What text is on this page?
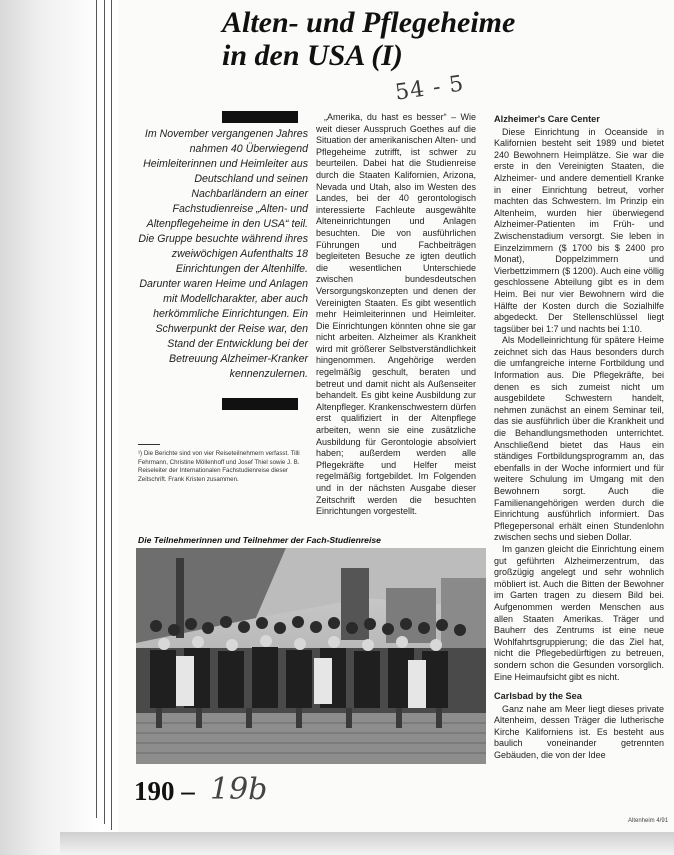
Alten- und Pflegeheime
in den USA (I)
54 - 5
Im November vergangenen Jahres nahmen 40 Überwiegend Heimleiterinnen und Heimleiter aus Deutschland und seinen Nachbarländern an einer Fachstudienreise „Alten- und Altenpflegeheime in den USA“ teil. Die Gruppe besuchte während ihres zweiwöchigen Aufenthalts 18 Einrichtungen der Altenhilfe. Darunter waren Heime und Anlagen mit Modellcharakter, aber auch herkömmliche Einrichtungen. Ein Schwerpunkt der Reise war, den Stand der Entwicklung bei der Betreuung Alzheimer-Kranker kennenzulernen.
¹) Die Berichte sind von vier Reiseteilnehmern verfasst. Tilli Fehrmann, Christine Möllenhoff und Josef Thiel sowie J. B. Reiseleiter der Internationalen Fachstudienreise dieser Zeitschrift. Frank Kristen zusammen.

„Amerika, du hast es besser“ – Wie weit dieser Ausspruch Goethes auf die Situation der amerikanischen Alten- und Pflegeheime zutrifft, ist schwer zu beurteilen. Dabei hat die Studienreise durch die Staaten Kalifornien, Arizona, Nevada und Utah, also im Westen des Landes, bei der 40 gerontologisch interessierte Fachleute ausgewählte Alteneinrichtungen und Anlagen besuchten. Die von ausführlichen Führungen und Fachbeiträgen begleiteten Besuche ze igten deutlich die wesentlichen Unterschiede zwischen bundesdeutschen Versorgungskonzepten und denen der Vereinigten Staaten. Es gibt wesentlich mehr Heimleiterinnen und Heimleiter. Die Einrichtungen könnten ohne sie gar nicht arbeiten. Alzheimer als Krankheit wird mit größerer Selbstverständlichkeit hingenommen. Angehörige werden regelmäßig geschult, beraten und betreut und damit nicht als Außenseiter behandelt. Es gibt keine Ausbildung zur Altenpfleger. Krankenschwestern dürfen erst qualifiziert in der Altenpflege arbeiten, wenn sie eine zusätzliche Ausbildung für Gerontologie absolviert haben; außerdem werden alle Pflegekräfte und Helfer meist regelmäßig fortgebildet. Im Folgenden und in der nächsten Ausgabe dieser Zeitschrift werden die besuchten Einrichtungen vorgestellt.

Alzheimer's Care Center

Diese Einrichtung in Oceanside in Kalifornien besteht seit 1989 und bietet 240 Bewohnern Heimplätze. Sie war die erste in den Vereinigten Staaten, die Alzheimer- und andere dementiell Kranke in einer Einrichtung betreut, vorher machten das Schwestern. Im Prinzip ein Altenheim, wurden hier überwiegend Alzheimer-Patienten im Früh- und Zwischenstadium versorgt. Sie leben in Einzelzimmern ($ 1700 bis $ 2400 pro Monat), Doppelzimmern und Vierbettzimmern ($ 1200). Auch eine völlig geschlossene Abteilung gibt es in dem Heim. Bei nur vier Bewohnern wird die Hälfte der Kosten durch die Sozialhilfe abgedeckt. Der Stellenschlüssel liegt tagsüber bei 1:7 und nachts bei 1:10.

Als Modelleinrichtung für spätere Heime zeichnet sich das Haus besonders durch die umfangreiche interne Fortbildung und Information aus. Die Pflegekräfte, bei denen es sich zumeist nicht um ausgebildete Schwestern handelt, nehmen zunächst an einem Seminar teil, das sie ausführlich über die Krankheit und die Behandlungsmethoden unterrichtet. Anschließend bietet das Haus ein ständiges Fortbildungsprogramm an, das ebenfalls in der Woche informiert und für weitere Schulung im Umgang mit den Bewohnern sorgt. Auch die Familienangehörigen werden durch die Einrichtung ausführlich informiert. Das Pflegepersonal erhält einen Stundenlohn zwischen sechs und sieben Dollar.

Im ganzen gleicht die Einrichtung einem gut geführten Alzheimerzentrum, das großzügig angelegt und sehr wohnlich möbliert ist. Auch die Bitten der Bewohner im Garten tragen zu diesem Bild bei. Aufgenommen werden Menschen aus allen Staaten Amerikas. Träger und Bauherr des Zentrums ist eine neue Wohlfahrtsgruppierung; die das Ziel hat, nicht die Pflegebedürftigen zu betreuen, sondern schon die Gesunden vorsorglich. Eine Heimaufsicht gibt es nicht.

Carlsbad by the Sea

Ganz nahe am Meer liegt dieses private Altenheim, dessen Träger die lutherische Kirche Kaliforniens ist. Es besteht aus baulich voneinander getrennten Gebäuden, die von der Idee

Die Teilnehmerinnen und Teilnehmer der Fach-Studienreise
190 – 19b
Altenheim 4/91
